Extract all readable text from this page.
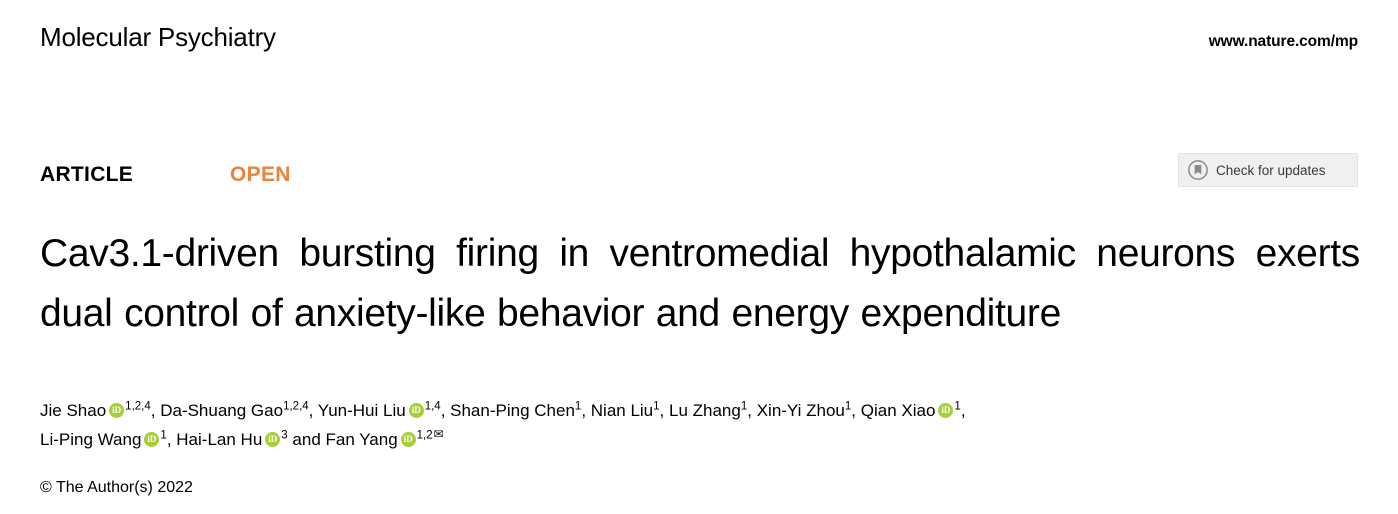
Molecular Psychiatry	www.nature.com/mp
ARTICLE	OPEN	Check for updates
Cav3.1-driven bursting firing in ventromedial hypothalamic neurons exerts dual control of anxiety-like behavior and energy expenditure
Jie Shao iD $^{1,2,4}$, Da-Shuang Gao$^{1,2,4}$, Yun-Hui Liu iD $^{1,4}$, Shan-Ping Chen$^1$, Nian Liu$^1$, Lu Zhang$^1$, Xin-Yi Zhou$^1$, Qian Xiao iD $^1$,
Li-Ping Wang iD $^1$, Hai-Lan Hu iD $^3$ and Fan Yang iD $^{1,2✉}$
© The Author(s) 2022
